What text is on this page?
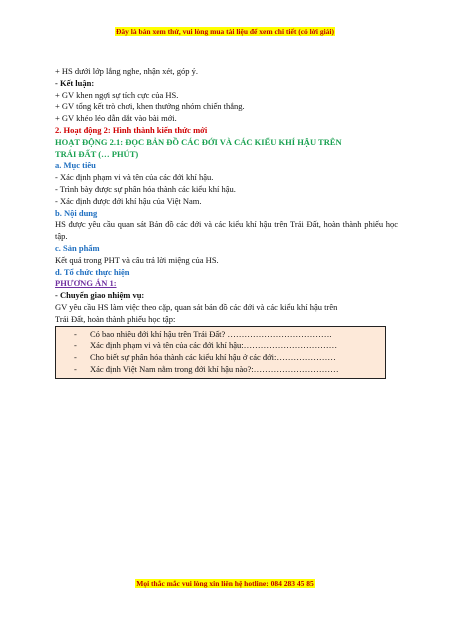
Đây là bản xem thử, vui lòng mua tài liệu để xem chi tiết (có lời giải)
+ HS dưới lớp lắng nghe, nhận xét, góp ý.
- Kết luận:
+ GV khen ngợi sự tích cực của HS.
+ GV tổng kết trò chơi, khen thưởng nhóm chiến thắng.
+ GV khéo léo dẫn dắt vào bài mới.
2. Hoạt động 2: Hình thành kiến thức mới
HOẠT ĐỘNG 2.1: ĐỌC BẢN ĐỒ CÁC ĐỚI VÀ CÁC KIỂU KHÍ HẬU TRÊN
TRÁI ĐẤT (… PHÚT)
a. Mục tiêu
- Xác định phạm vi và tên của các đới khí hậu.
- Trình bày được sự phân hóa thành các kiểu khí hậu.
- Xác định được đới khí hậu của Việt Nam.
b. Nội dung
HS được yêu cầu quan sát Bản đồ các đới và các kiểu khí hậu trên Trái Đất, hoàn thành phiếu học tập.
c. Sản phẩm
Kết quả trong PHT và câu trả lời miệng của HS.
d. Tổ chức thực hiện
PHƯƠNG ÁN 1:
- Chuyển giao nhiệm vụ:
GV yêu cầu HS làm việc theo cặp, quan sát bản đồ các đới và các kiểu khí hậu trên
Trái Đất, hoàn thành phiếu học tập:
- Có bao nhiêu đới khí hậu trên Trái Đất? ……………………………….
- Xác định phạm vi và tên của các đới khí hậu:……………………………
- Cho biết sự phân hóa thành các kiểu khí hậu ở các đới:…………………
- Xác định Việt Nam nằm trong đới khí hậu nào?:…………………………
Mọi thắc mắc vui lòng xin liên hệ hotline: 084 283 45 85
